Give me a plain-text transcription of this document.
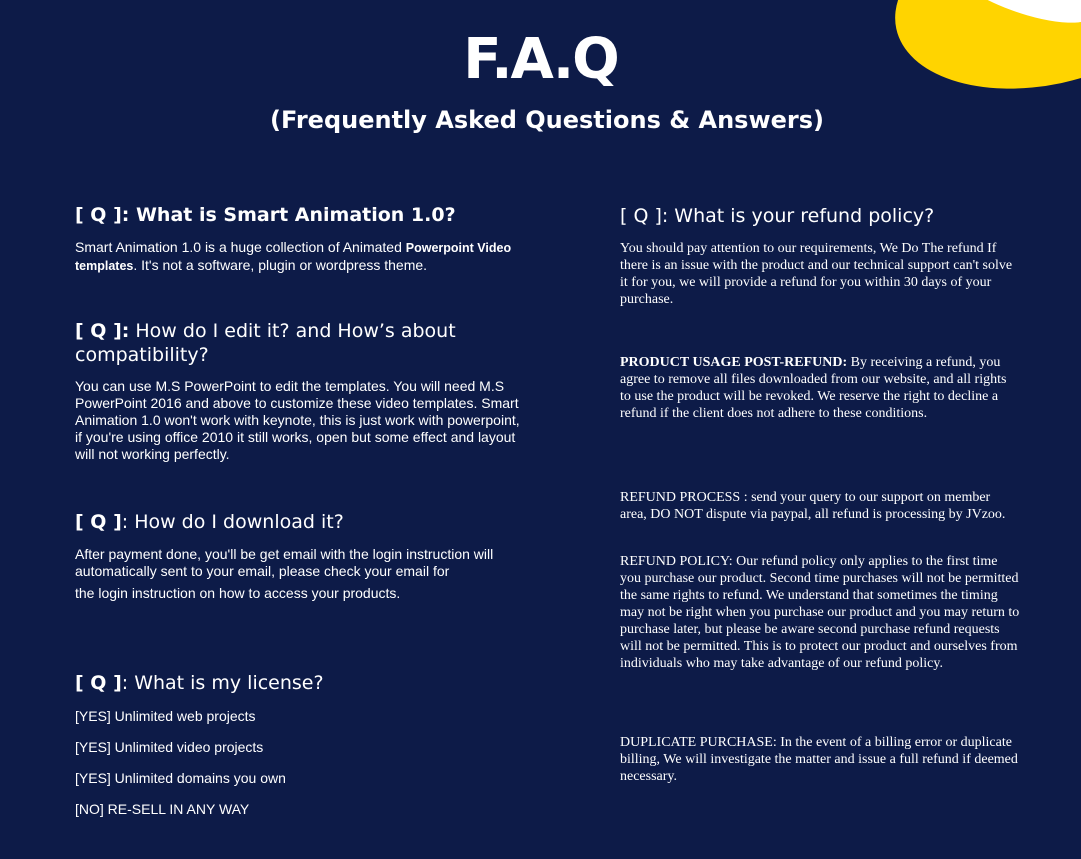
F.A.Q
(Frequently Asked Questions & Answers)
[ Q ]: What is Smart Animation 1.0?

Smart Animation 1.0 is a huge collection of Animated Powerpoint Video templates. It's not a software, plugin or wordpress theme.

[ Q ]: How do I edit it? and How’s about compatibility?

You can use M.S PowerPoint to edit the templates. You will need M.S PowerPoint 2016 and above to customize these video templates. Smart Animation 1.0 won't work with keynote, this is just work with powerpoint, if you're using office 2010 it still works, open but some effect and layout will not working perfectly.

[ Q ]: How do I download it?

After payment done, you'll be get email with the login instruction will automatically sent to your email, please check your email for

the login instruction on how to access your products.

[ Q ]: What is my license?

[YES] Unlimited web projects

[YES] Unlimited video projects

[YES] Unlimited domains you own

[NO] RE-SELL IN ANY WAY

[ Q ]: What is your refund policy?

You should pay attention to our requirements, We Do The refund If there is an issue with the product and our technical support can't solve it for you, we will provide a refund for you within 30 days of your purchase.

PRODUCT USAGE POST-REFUND: By receiving a refund, you agree to remove all files downloaded from our website, and all rights to use the product will be revoked. We reserve the right to decline a refund if the client does not adhere to these conditions.

REFUND PROCESS : send your query to our support on member area, DO NOT dispute via paypal, all refund is processing by JVzoo.

REFUND POLICY: Our refund policy only applies to the first time you purchase our product. Second time purchases will not be permitted the same rights to refund. We understand that sometimes the timing may not be right when you purchase our product and you may return to purchase later, but please be aware second purchase refund requests will not be permitted. This is to protect our product and ourselves from individuals who may take advantage of our refund policy.

DUPLICATE PURCHASE: In the event of a billing error or duplicate billing, We will investigate the matter and issue a full refund if deemed necessary.
